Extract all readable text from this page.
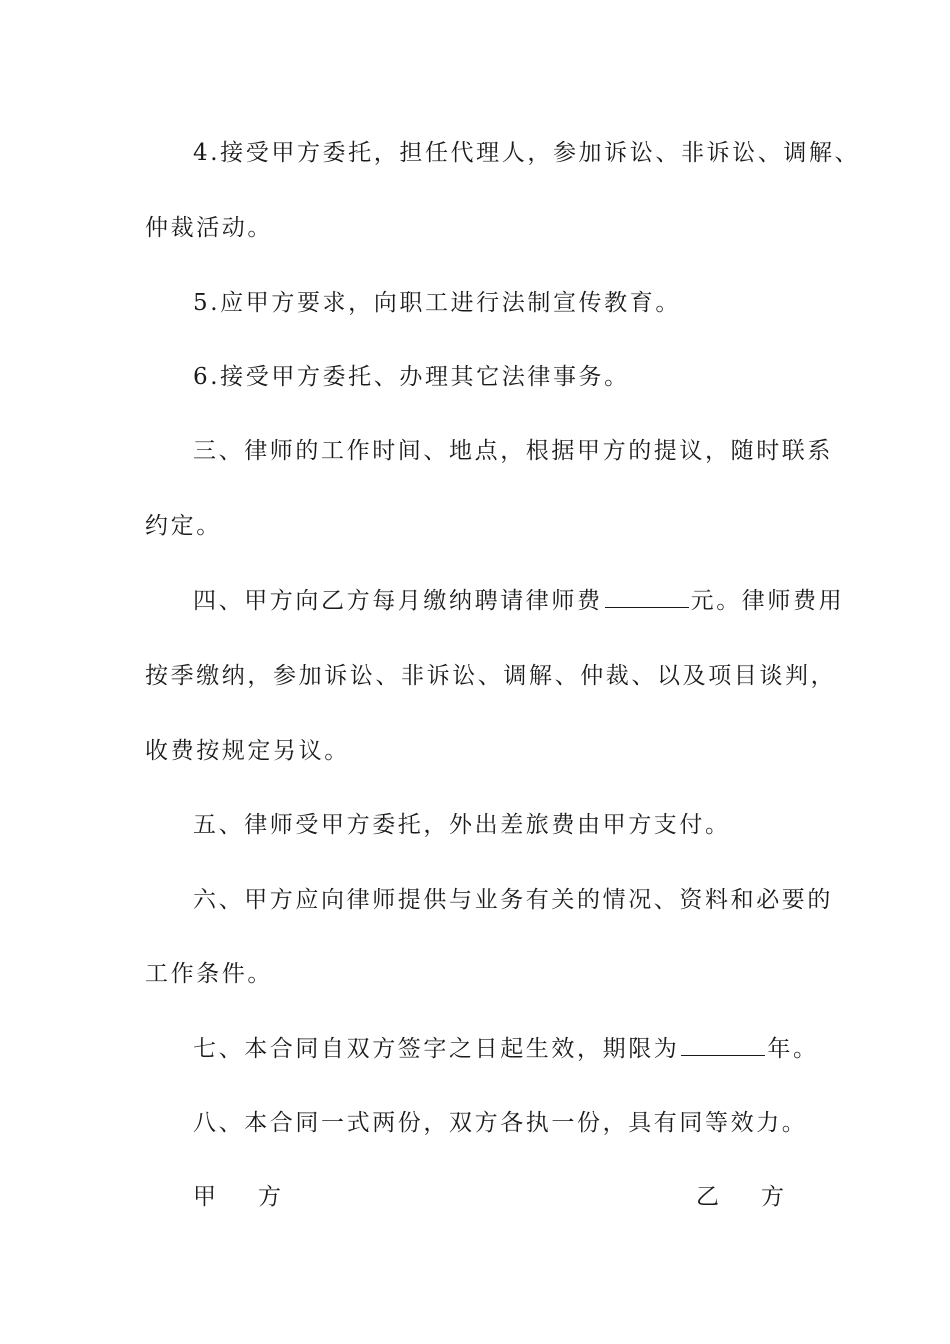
4.接受甲方委托，担任代理人，参加诉讼、非诉讼、调解、
仲裁活动。
5.应甲方要求，向职工进行法制宣传教育。
6.接受甲方委托、办理其它法律事务。
三、律师的工作时间、地点，根据甲方的提议，随时联系
约定。
四、甲方向乙方每月缴纳聘请律师费	元。律师费用
按季缴纳，参加诉讼、非诉讼、调解、仲裁、以及项目谈判，
收费按规定另议。
五、律师受甲方委托，外出差旅费由甲方支付。
六、甲方应向律师提供与业务有关的情况、资料和必要的
工作条件。
七、本合同自双方签字之日起生效，期限为	年。
八、本合同一式两份，双方各执一份，具有同等效力。
甲方	乙方
